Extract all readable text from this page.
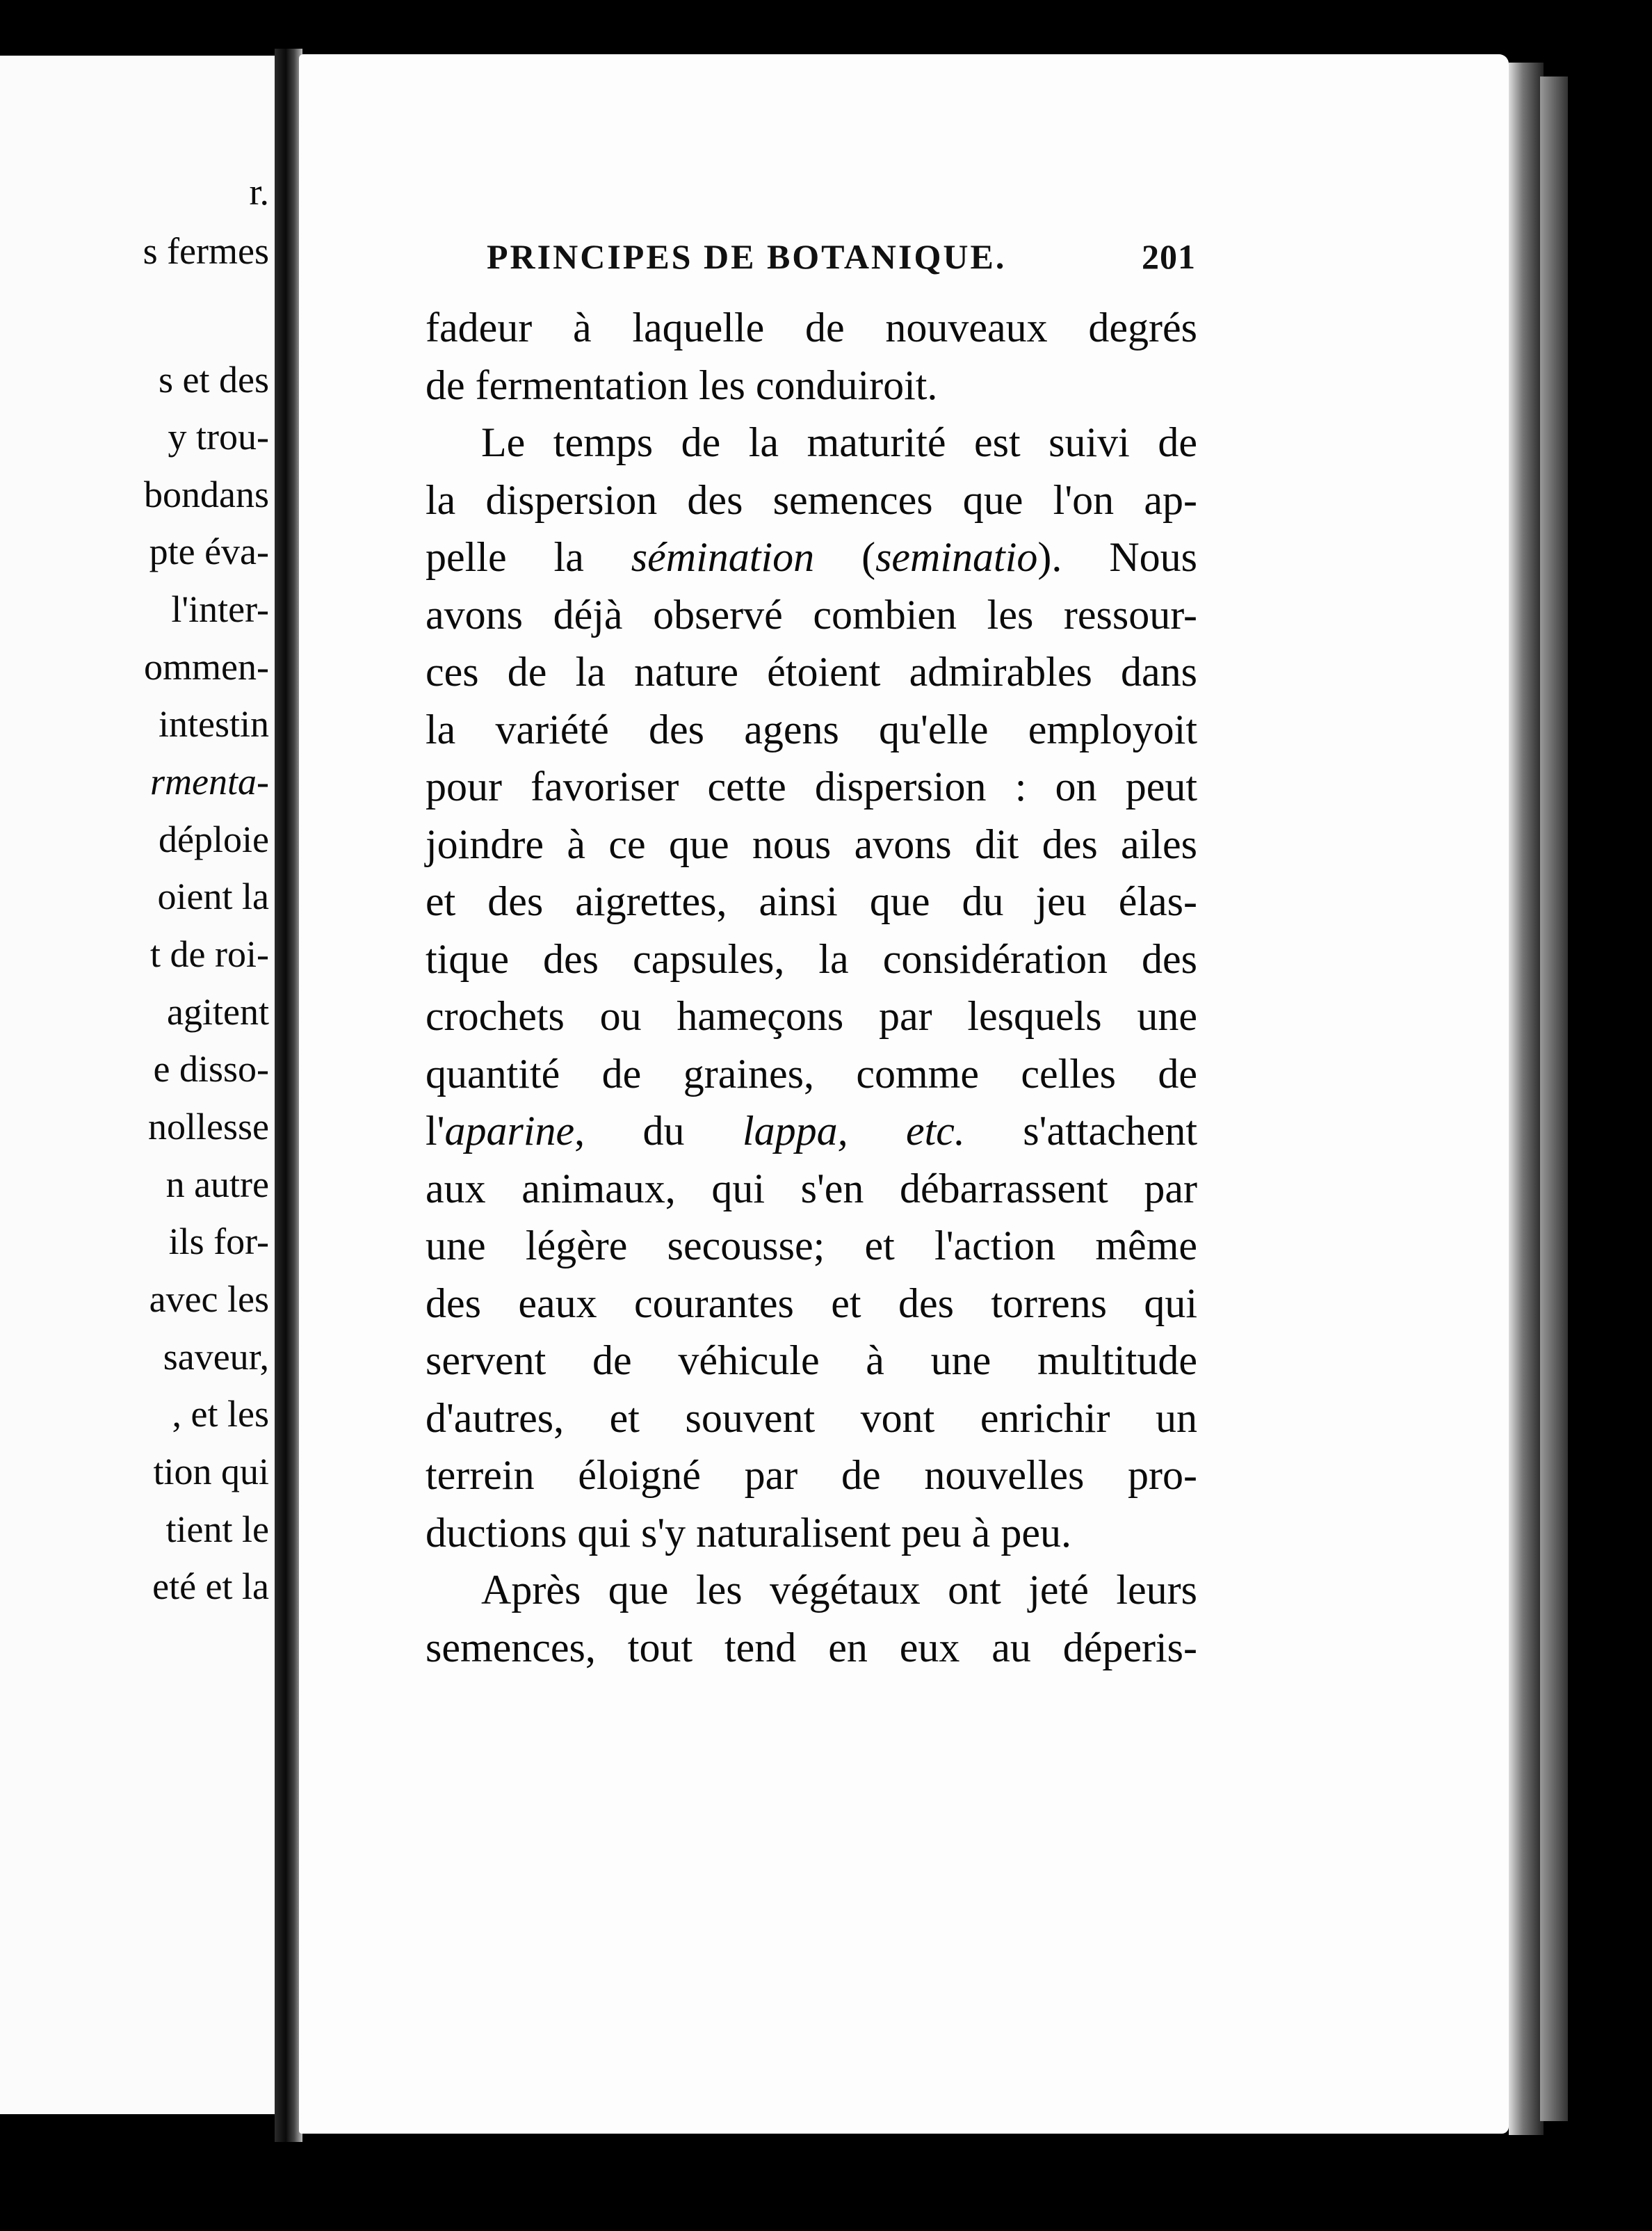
r.
s fermes
s et des
y trou-
bondans
pte éva-
l'inter-
ommen-
intestin
rmenta-
déploie
oient la
t de roi-
agitent
e disso-
nollesse
n autre
ils for-
avec les
saveur,
, et les
tion qui
tient le
eté et la
PRINCIPES DE BOTANIQUE.	201
fadeur à laquelle de nouveaux degrés
de fermentation les conduiroit.
Le temps de la maturité est suivi de
la dispersion des semences que l'on ap-
pelle la sémination (seminatio). Nous
avons déjà observé combien les ressour-
ces de la nature étoient admirables dans
la variété des agens qu'elle employoit
pour favoriser cette dispersion : on peut
joindre à ce que nous avons dit des ailes
et des aigrettes, ainsi que du jeu élas-
tique des capsules, la considération des
crochets ou hameçons par lesquels une
quantité de graines, comme celles de
l'aparine, du lappa, etc. s'attachent
aux animaux, qui s'en débarrassent par
une légère secousse; et l'action même
des eaux courantes et des torrens qui
servent de véhicule à une multitude
d'autres, et souvent vont enrichir un
terrein éloigné par de nouvelles pro-
ductions qui s'y naturalisent peu à peu.
Après que les végétaux ont jeté leurs
semences, tout tend en eux au déperis-
